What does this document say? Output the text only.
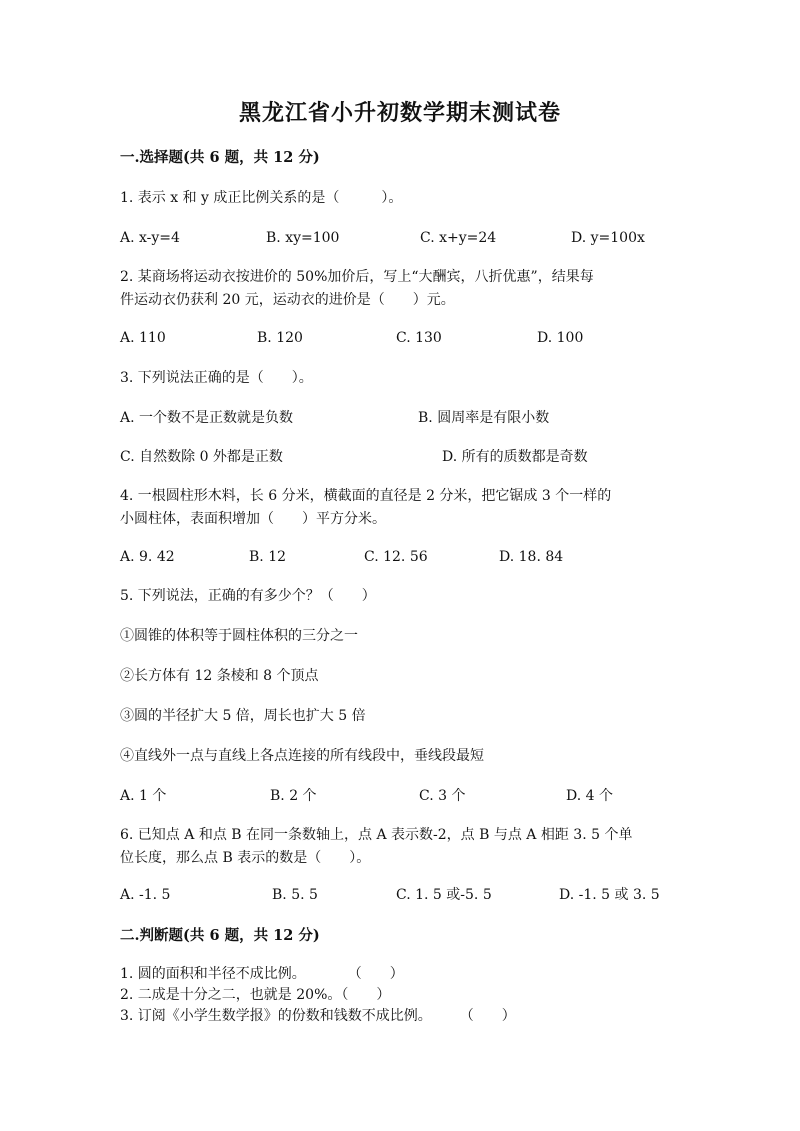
黑龙江省小升初数学期末测试卷
一.选择题(共 6 题，共 12 分)
1. 表示 x 和 y 成正比例关系的是（　　　）。
A. x-y=4	B. xy=100	C. x+y=24	D. y=100x
2. 某商场将运动衣按进价的 50%加价后，写上“大酬宾，八折优惠”，结果每
件运动衣仍获利 20 元，运动衣的进价是（　　）元。
A. 110	B. 120	C. 130	D. 100
3. 下列说法正确的是（　　）。
A. 一个数不是正数就是负数	B. 圆周率是有限小数
C. 自然数除 0 外都是正数	D. 所有的质数都是奇数
4. 一根圆柱形木料，长 6 分米，横截面的直径是 2 分米，把它锯成 3 个一样的
小圆柱体，表面积增加（　　）平方分米。
A. 9. 42	B. 12	C. 12. 56	D. 18. 84
5. 下列说法，正确的有多少个？（　　）
①圆锥的体积等于圆柱体积的三分之一
②长方体有 12 条棱和 8 个顶点
③圆的半径扩大 5 倍，周长也扩大 5 倍
④直线外一点与直线上各点连接的所有线段中，垂线段最短
A. 1 个	B. 2 个	C. 3 个	D. 4 个
6. 已知点 A 和点 B 在同一条数轴上，点 A 表示数-2，点 B 与点 A 相距 3. 5 个单
位长度，那么点 B 表示的数是（　　）。
A. -1. 5	B. 5. 5	C. 1. 5 或-5. 5	D. -1. 5 或 3. 5
二.判断题(共 6 题，共 12 分)
1. 圆的面积和半径不成比例。　　　　（　　）
2. 二成是十分之二，也就是 20%。（　　）
3. 订阅《小学生数学报》的份数和钱数不成比例。　　　（　　）
